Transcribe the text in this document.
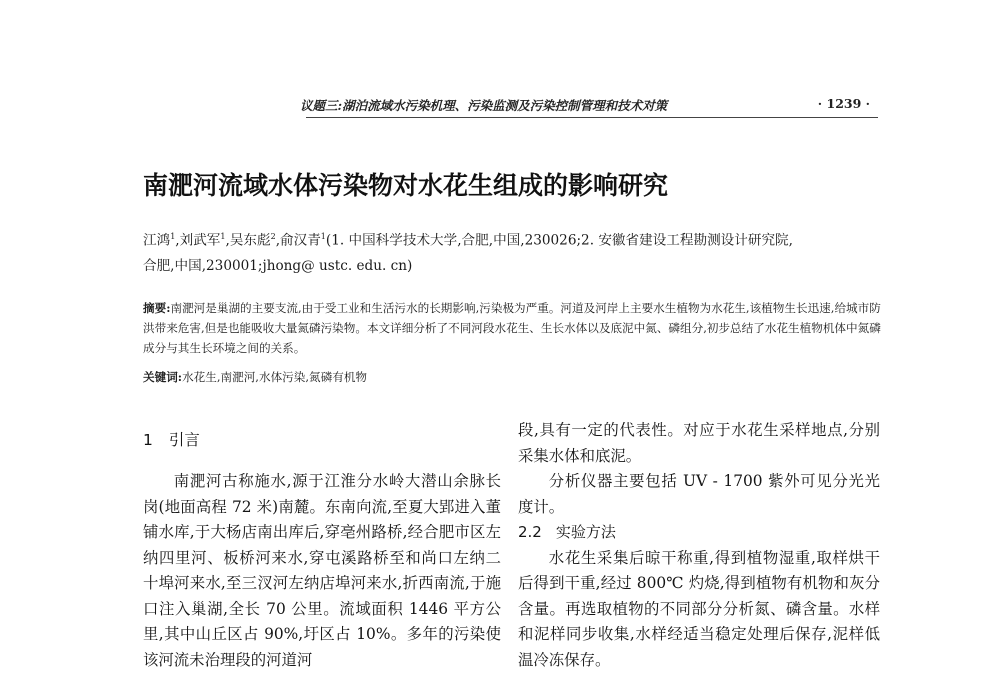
议题三:湖泊流域水污染机理、污染监测及污染控制管理和技术对策	· 1239 ·
南淝河流域水体污染物对水花生组成的影响研究
江鸿$^1$,刘武军$^1$,吴东彪$^2$,俞汉青$^1$(1. 中国科学技术大学,合肥,中国,230026;2. 安徽省建设工程勘测设计研究院,
合肥,中国,230001;jhong@ ustc. edu. cn)
摘要:南淝河是巢湖的主要支流,由于受工业和生活污水的长期影响,污染极为严重。河道及河岸上主要水生植物为水花生,该植物生长迅速,给城市防洪带来危害,但是也能吸收大量氮磷污染物。本文详细分析了不同河段水花生、生长水体以及底泥中氮、磷组分,初步总结了水花生植物机体中氮磷成分与其生长环境之间的关系。
关键词:水花生,南淝河,水体污染,氮磷有机物
1 引言

南淝河古称施水,源于江淮分水岭大潜山余脉长岗(地面高程 72 米)南麓。东南向流,至夏大郢进入董铺水库,于大杨店南出库后,穿亳州路桥,经合肥市区左纳四里河、板桥河来水,穿屯溪路桥至和尚口左纳二十埠河来水,至三汊河左纳店埠河来水,折西南流,于施口注入巢湖,全长 70 公里。流域面积 1446 平方公里,其中山丘区占 90%,圩区占 10%。多年的污染使该河流未治理段的河道河

段,具有一定的代表性。对应于水花生采样地点,分别采集水体和底泥。

分析仪器主要包括 UV - 1700 紫外可见分光光度计。

2.2 实验方法

水花生采集后晾干称重,得到植物湿重,取样烘干后得到干重,经过 800℃ 灼烧,得到植物有机物和灰分含量。再选取植物的不同部分分析氮、磷含量。水样和泥样同步收集,水样经适当稳定处理后保存,泥样低温冷冻保存。
